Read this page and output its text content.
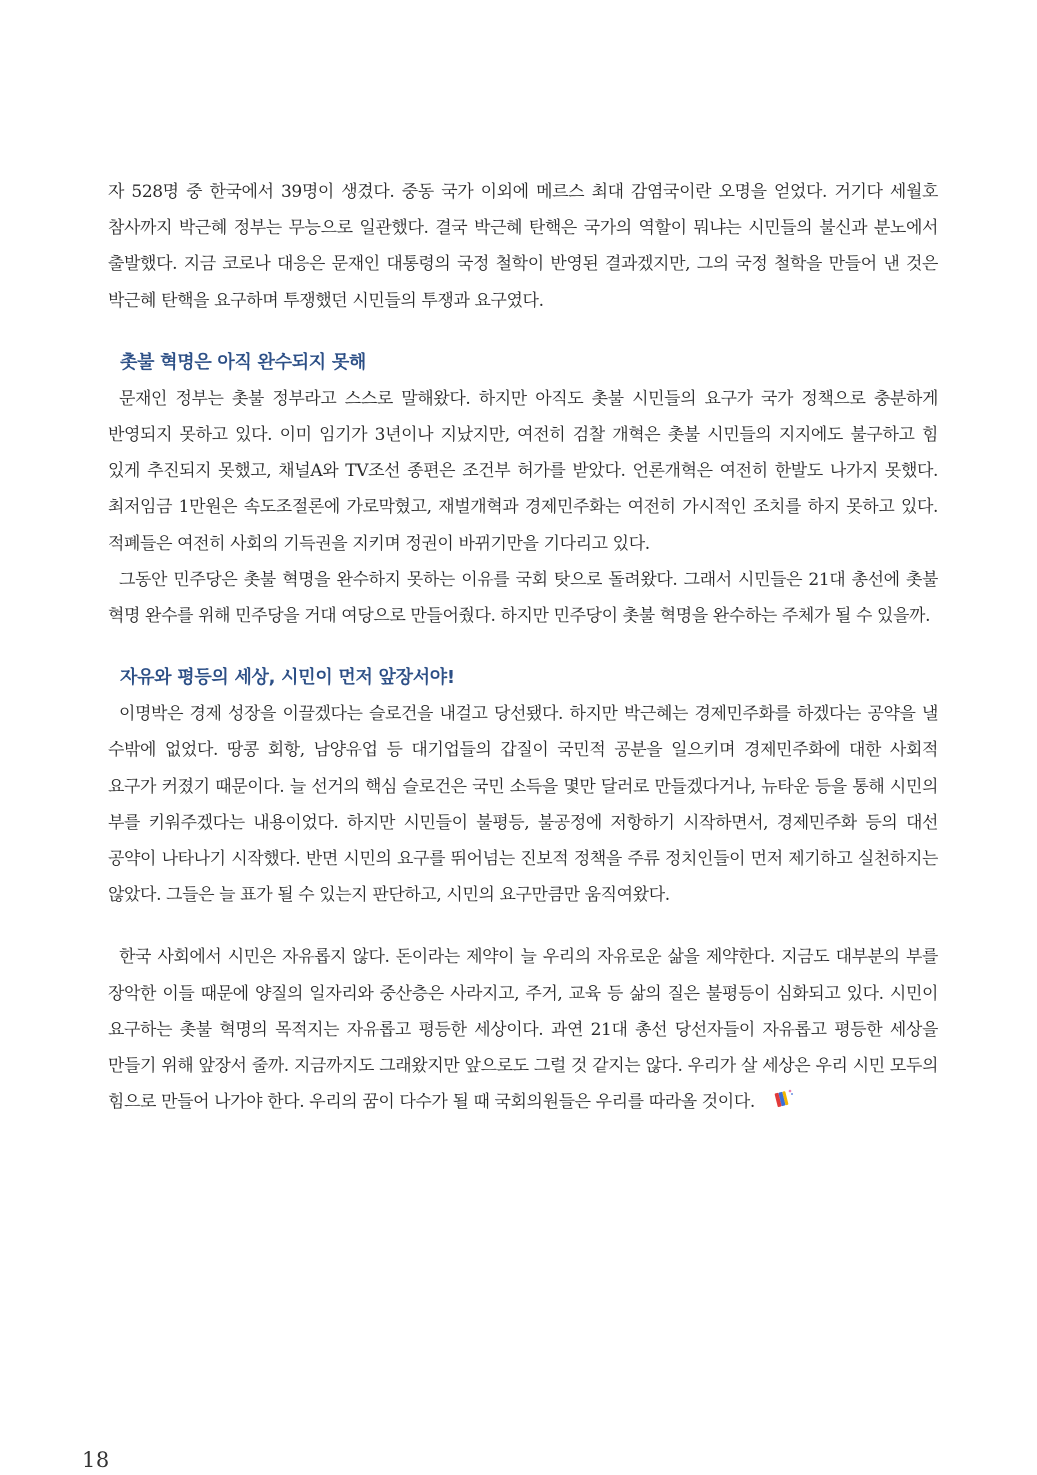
자 528명 중 한국에서 39명이 생겼다. 중동 국가 이외에 메르스 최대 감염국이란 오명을 얻었다. 거기다 세월호 참사까지 박근혜 정부는 무능으로 일관했다. 결국 박근혜 탄핵은 국가의 역할이 뭐냐는 시민들의 불신과 분노에서 출발했다. 지금 코로나 대응은 문재인 대통령의 국정 철학이 반영된 결과겠지만, 그의 국정 철학을 만들어 낸 것은 박근혜 탄핵을 요구하며 투쟁했던 시민들의 투쟁과 요구였다.

촛불 혁명은 아직 완수되지 못해

문재인 정부는 촛불 정부라고 스스로 말해왔다. 하지만 아직도 촛불 시민들의 요구가 국가 정책으로 충분하게 반영되지 못하고 있다. 이미 임기가 3년이나 지났지만, 여전히 검찰 개혁은 촛불 시민들의 지지에도 불구하고 힘 있게 추진되지 못했고, 채널A와 TV조선 종편은 조건부 허가를 받았다. 언론개혁은 여전히 한발도 나가지 못했다. 최저임금 1만원은 속도조절론에 가로막혔고, 재벌개혁과 경제민주화는 여전히 가시적인 조치를 하지 못하고 있다. 적폐들은 여전히 사회의 기득권을 지키며 정권이 바뀌기만을 기다리고 있다.

그동안 민주당은 촛불 혁명을 완수하지 못하는 이유를 국회 탓으로 돌려왔다. 그래서 시민들은 21대 총선에 촛불 혁명 완수를 위해 민주당을 거대 여당으로 만들어줬다. 하지만 민주당이 촛불 혁명을 완수하는 주체가 될 수 있을까.

자유와 평등의 세상, 시민이 먼저 앞장서야!

이명박은 경제 성장을 이끌겠다는 슬로건을 내걸고 당선됐다. 하지만 박근혜는 경제민주화를 하겠다는 공약을 낼 수밖에 없었다. 땅콩 회항, 남양유업 등 대기업들의 갑질이 국민적 공분을 일으키며 경제민주화에 대한 사회적 요구가 커졌기 때문이다. 늘 선거의 핵심 슬로건은 국민 소득을 몇만 달러로 만들겠다거나, 뉴타운 등을 통해 시민의 부를 키워주겠다는 내용이었다. 하지만 시민들이 불평등, 불공정에 저항하기 시작하면서, 경제민주화 등의 대선 공약이 나타나기 시작했다. 반면 시민의 요구를 뛰어넘는 진보적 정책을 주류 정치인들이 먼저 제기하고 실천하지는 않았다. 그들은 늘 표가 될 수 있는지 판단하고, 시민의 요구만큼만 움직여왔다.

한국 사회에서 시민은 자유롭지 않다. 돈이라는 제약이 늘 우리의 자유로운 삶을 제약한다. 지금도 대부분의 부를 장악한 이들 때문에 양질의 일자리와 중산층은 사라지고, 주거, 교육 등 삶의 질은 불평등이 심화되고 있다. 시민이 요구하는 촛불 혁명의 목적지는 자유롭고 평등한 세상이다. 과연 21대 총선 당선자들이 자유롭고 평등한 세상을 만들기 위해 앞장서 줄까. 지금까지도 그래왔지만 앞으로도 그럴 것 같지는 않다. 우리가 살 세상은 우리 시민 모두의 힘으로 만들어 나가야 한다. 우리의 꿈이 다수가 될 때 국회의원들은 우리를 따라올 것이다.

18
